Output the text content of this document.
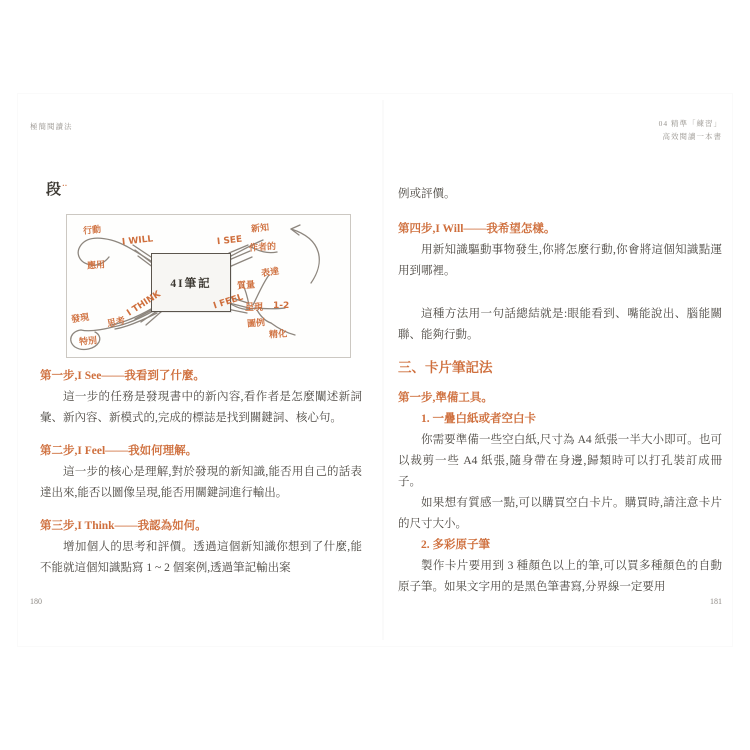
極簡閱讀法
180
04 精準「練習」
高效閱讀一本書
181
段··
4I筆記
行動
I WILL
應用
新知
I SEE
作者的
表達
質量
I FEEL 呈現 1-2
圖例
精化
發現 思考
I THINK
特別

第一步,I See——我看到了什麼。

這一步的任務是發現書中的新內容,看作者是怎麼闡述新詞彙、新內容、新模式的,完成的標誌是找到關鍵詞、核心句。

第二步,I Feel——我如何理解。

這一步的核心是理解,對於發現的新知識,能否用自己的話表達出來,能否以圖像呈現,能否用關鍵詞進行輸出。

第三步,I Think——我認為如何。

增加個人的思考和評價。透過這個新知識你想到了什麼,能不能就這個知識點寫 1 ~ 2 個案例,透過筆記輸出案

例或評價。

第四步,I Will——我希望怎樣。

用新知識驅動事物發生,你將怎麼行動,你會將這個知識點運用到哪裡。

這種方法用一句話總結就是:眼能看到、嘴能說出、腦能關聯、能夠行動。

三、卡片筆記法

第一步,準備工具。

1. 一疊白紙或者空白卡

你需要準備一些空白紙,尺寸為 A4 紙張一半大小即可。也可以裁剪一些 A4 紙張,隨身帶在身邊,歸類時可以打孔裝訂成冊子。

如果想有質感一點,可以購買空白卡片。購買時,請注意卡片的尺寸大小。

2. 多彩原子筆

製作卡片要用到 3 種顏色以上的筆,可以買多種顏色的自動原子筆。如果文字用的是黑色筆書寫,分界線一定要用
